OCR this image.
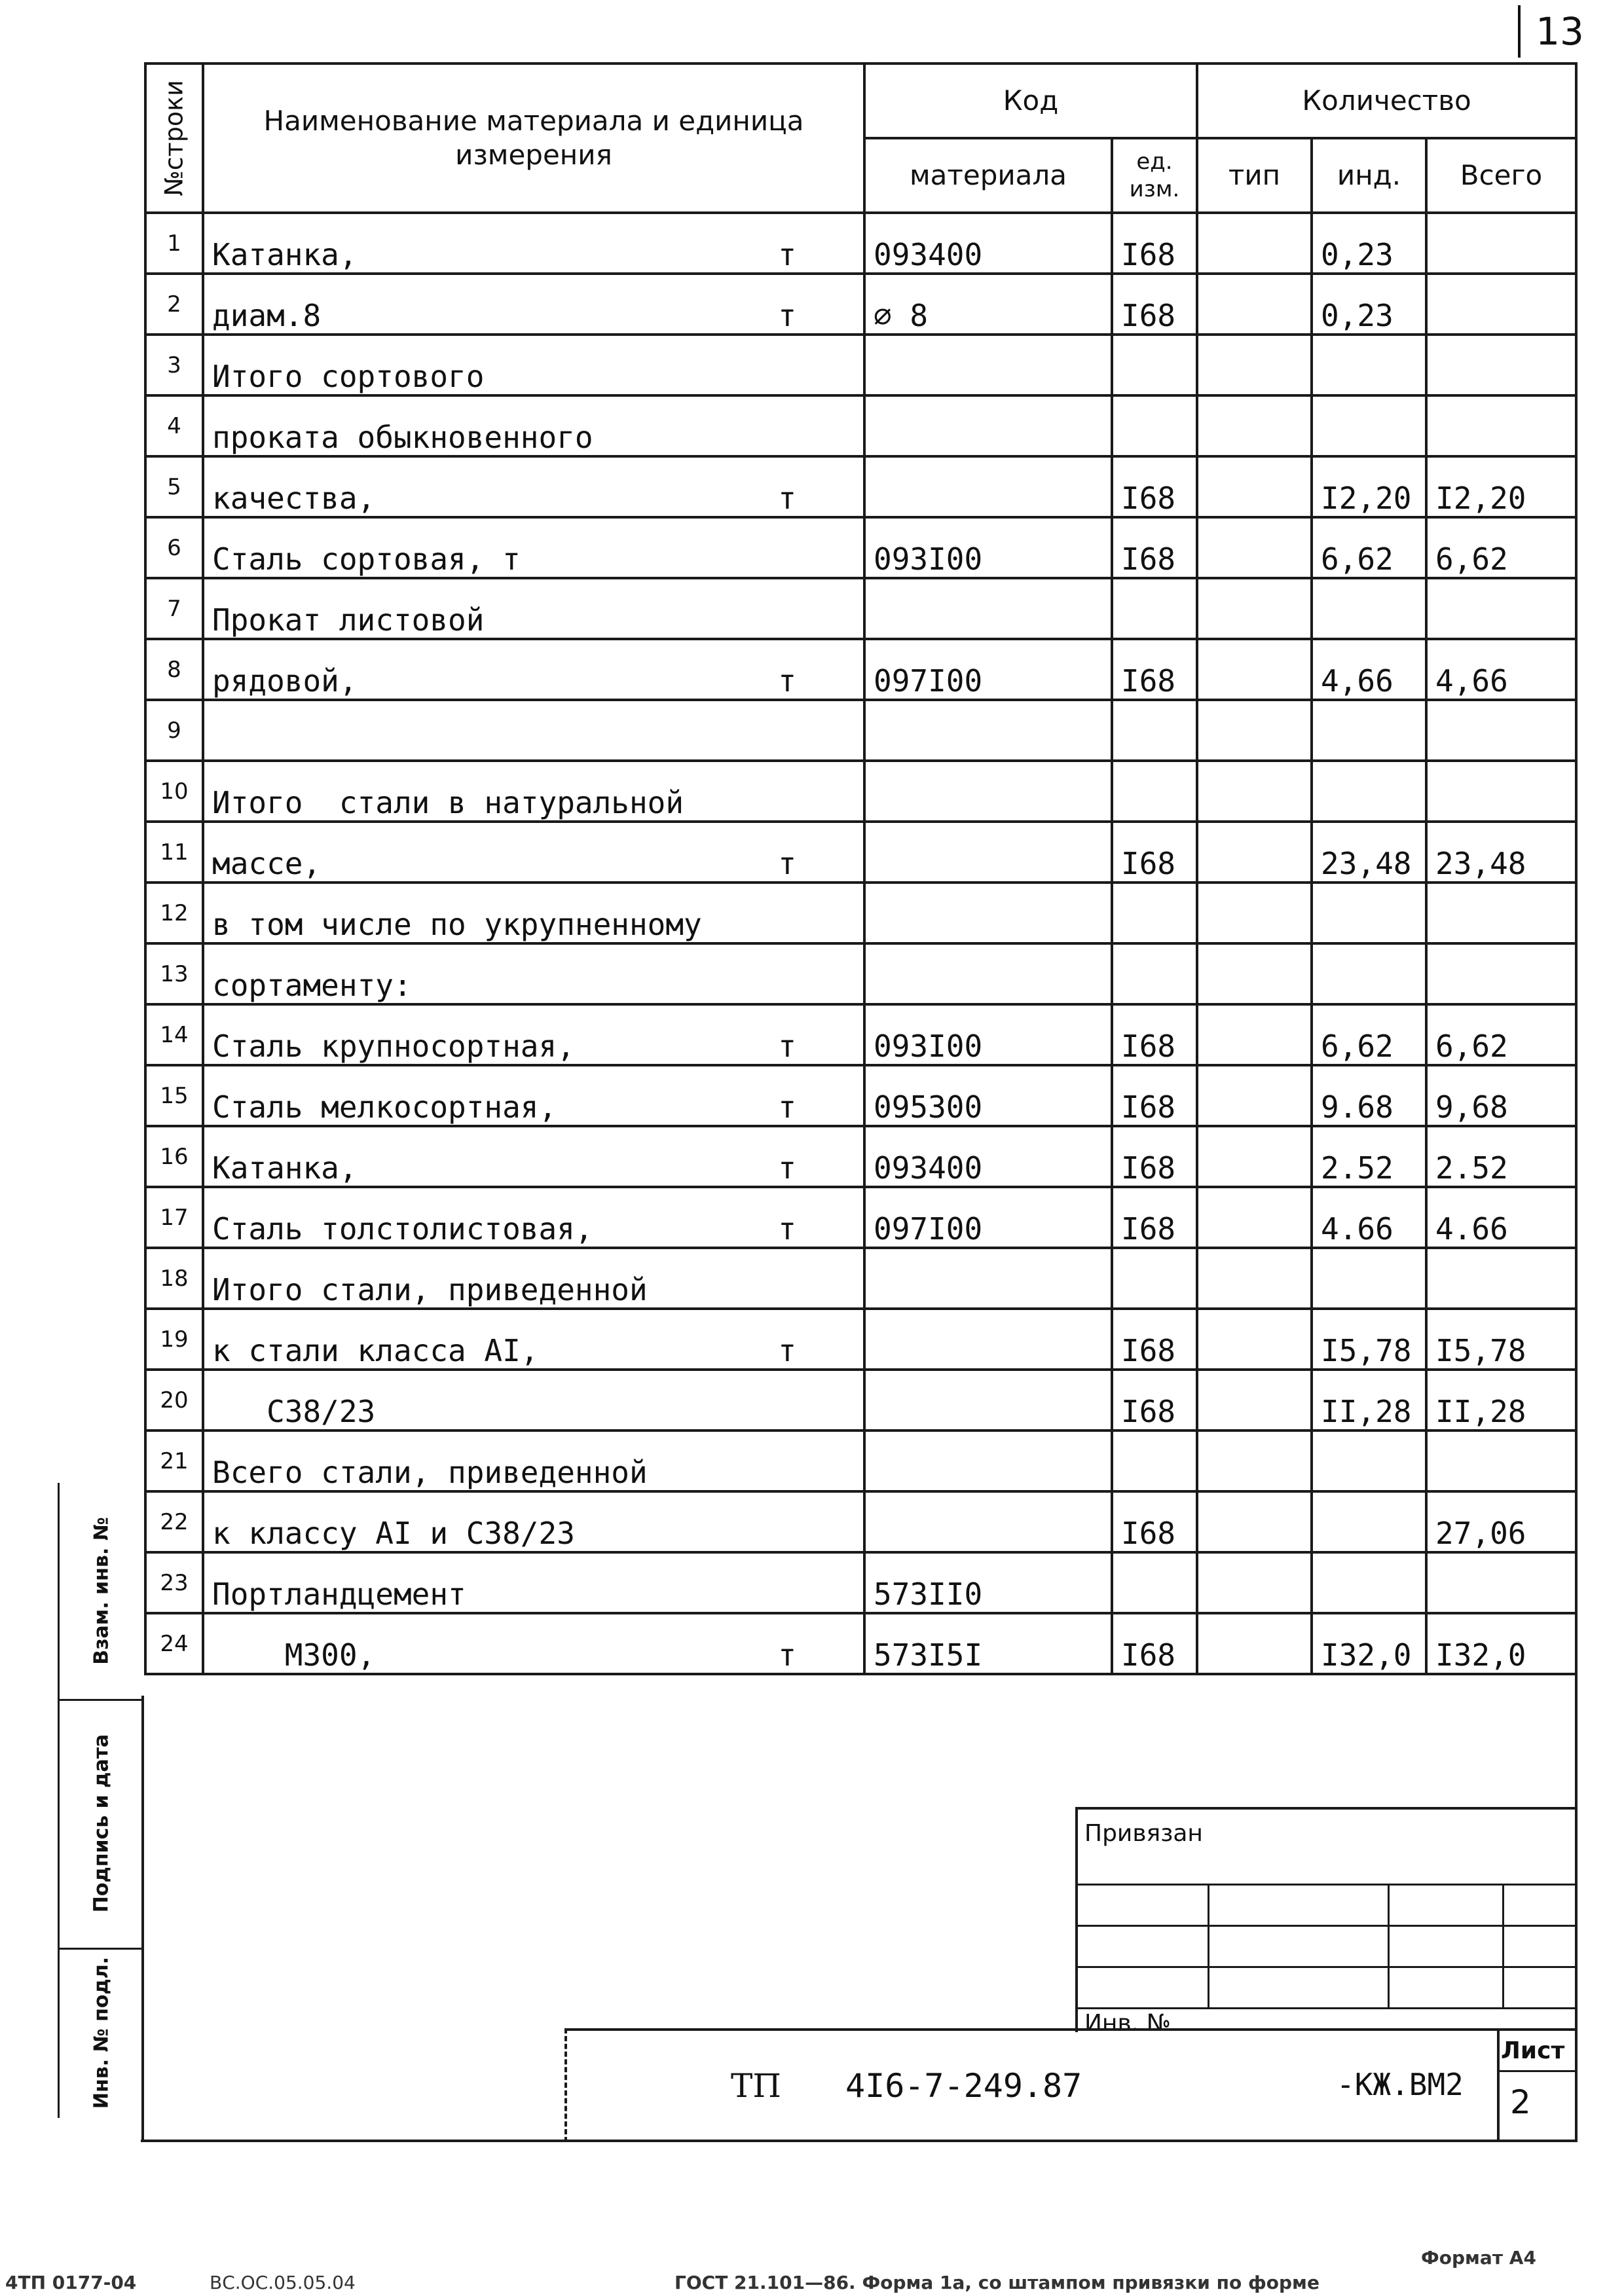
13
№строки	Наименование материала и единица измерения	Код		Количество		
		материала	ед. изм.	тип	инд.	Всего
1	Катанка, т	093400	I68		0,23	
2	диам.8 т	⌀ 8	I68		0,23	
3	Итого сортового					

4	проката обыкновенного					

5	качества, т		I68		I2,20	I2,20
6	Сталь сортовая, т	093I00	I68		6,62	6,62
7	Прокат листовой					

8	рядовой, т	097I00	I68		4,66	4,66
9	

10	Итого  стали в натуральной					

11	массе, т		I68		23,48	23,48
12	в том числе по укрупненному					

13	сортаменту:					

14	Сталь крупносортная, т	093I00	I68		6,62	6,62
15	Сталь мелкосортная, т	095300	I68		9.68	9,68
16	Катанка, т	093400	I68		2.52	2.52
17	Сталь толстолистовая, т	097I00	I68		4.66	4.66
18	Итого стали, приведенной					

19	к стали класса AI, т		I68		I5,78	I5,78
20	С38/23		I68		II,28	II,28
21	Всего стали, приведенной					

22	к классу AI и С38/23		I68			27,06
23	Портландцемент	573II0				
24	М300, т	573I5I	I68		I32,0	I32,0
Привязан
Инв. №
ТП 4I6-7-249.87	-КЖ.ВМ2
Лист
2
Взам. инв. №
Подпись и дата
Инв. № подл.
4ТП 0177-04	ВС.ОС.05.05.04
Формат А4
ГОСТ 21.101—86. Форма 1а, со штампом привязки по форме
